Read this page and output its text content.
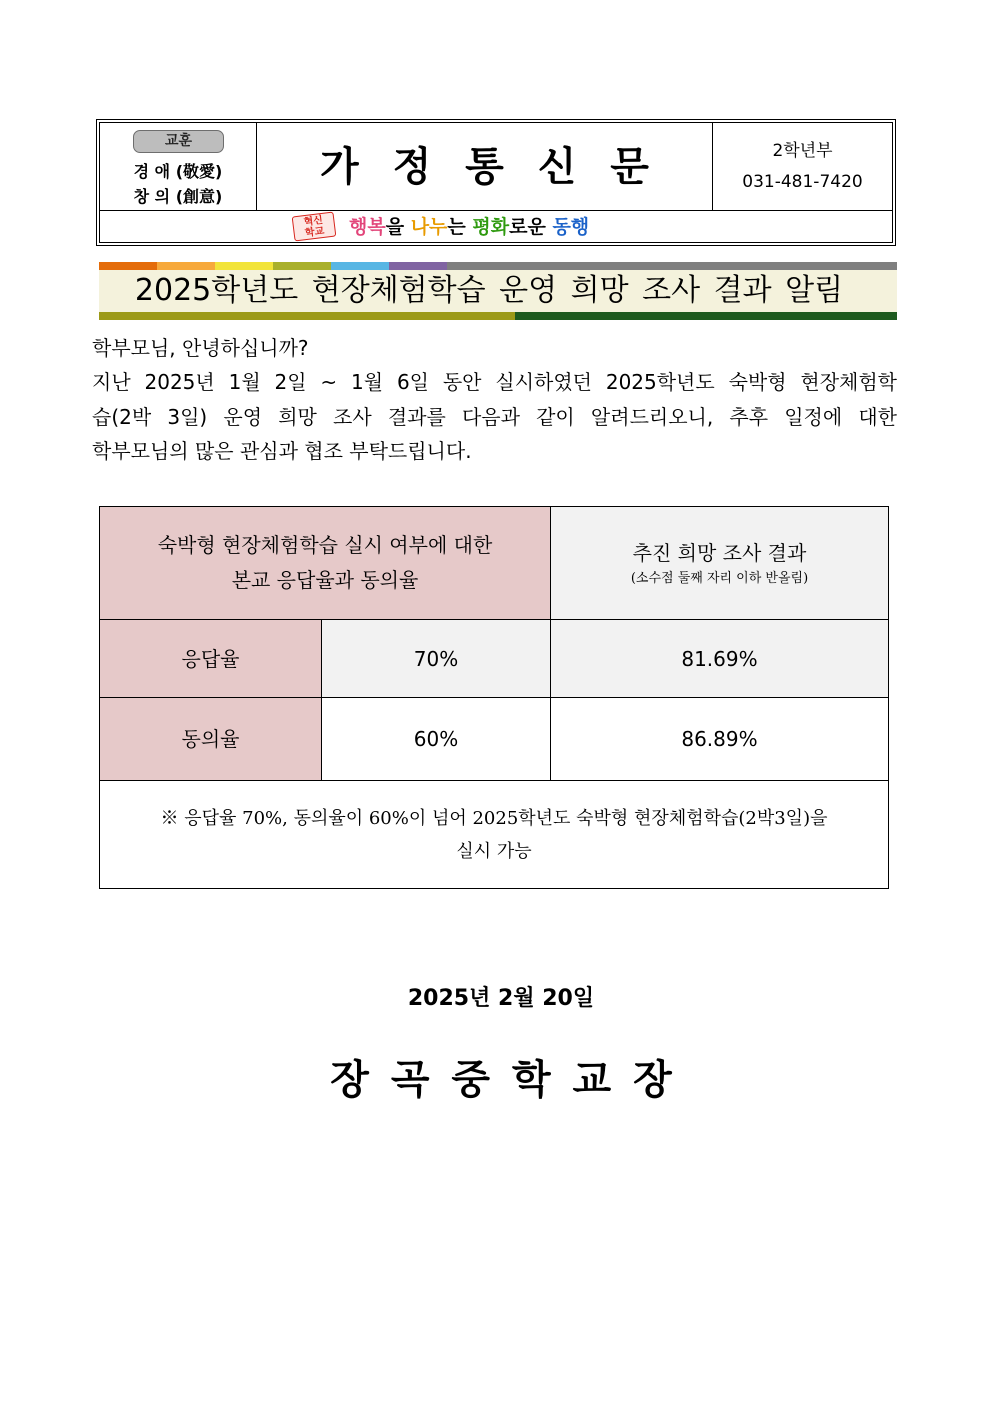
교훈
경 애 (敬愛)
창 의 (創意)
가 정 통 신 문	2학년부
031-481-7420
혁신
학교 행복을 나누는 평화로운 동행
2025학년도 현장체험학습 운영 희망 조사 결과 알림
학부모님, 안녕하십니까?
지난 2025년 1월 2일 ~ 1월 6일 동안 실시하였던 2025학년도 숙박형 현장체험학
습(2박 3일) 운영 희망 조사 결과를 다음과 같이 알려드리오니, 추후 일정에 대한
학부모님의 많은 관심과 협조 부탁드립니다.
숙박형 현장체험학습 실시 여부에 대한
본교 응답율과 동의율		추진 희망 조사 결과
(소수점 둘째 자리 이하 반올림)

응답율	70%	81.69%
동의율	60%	86.89%

※ 응답율 70%, 동의율이 60%이 넘어 2025학년도 숙박형 현장체험학습(2박3일)을
실시 가능		
2025년 2월 20일
장 곡 중 학 교 장
